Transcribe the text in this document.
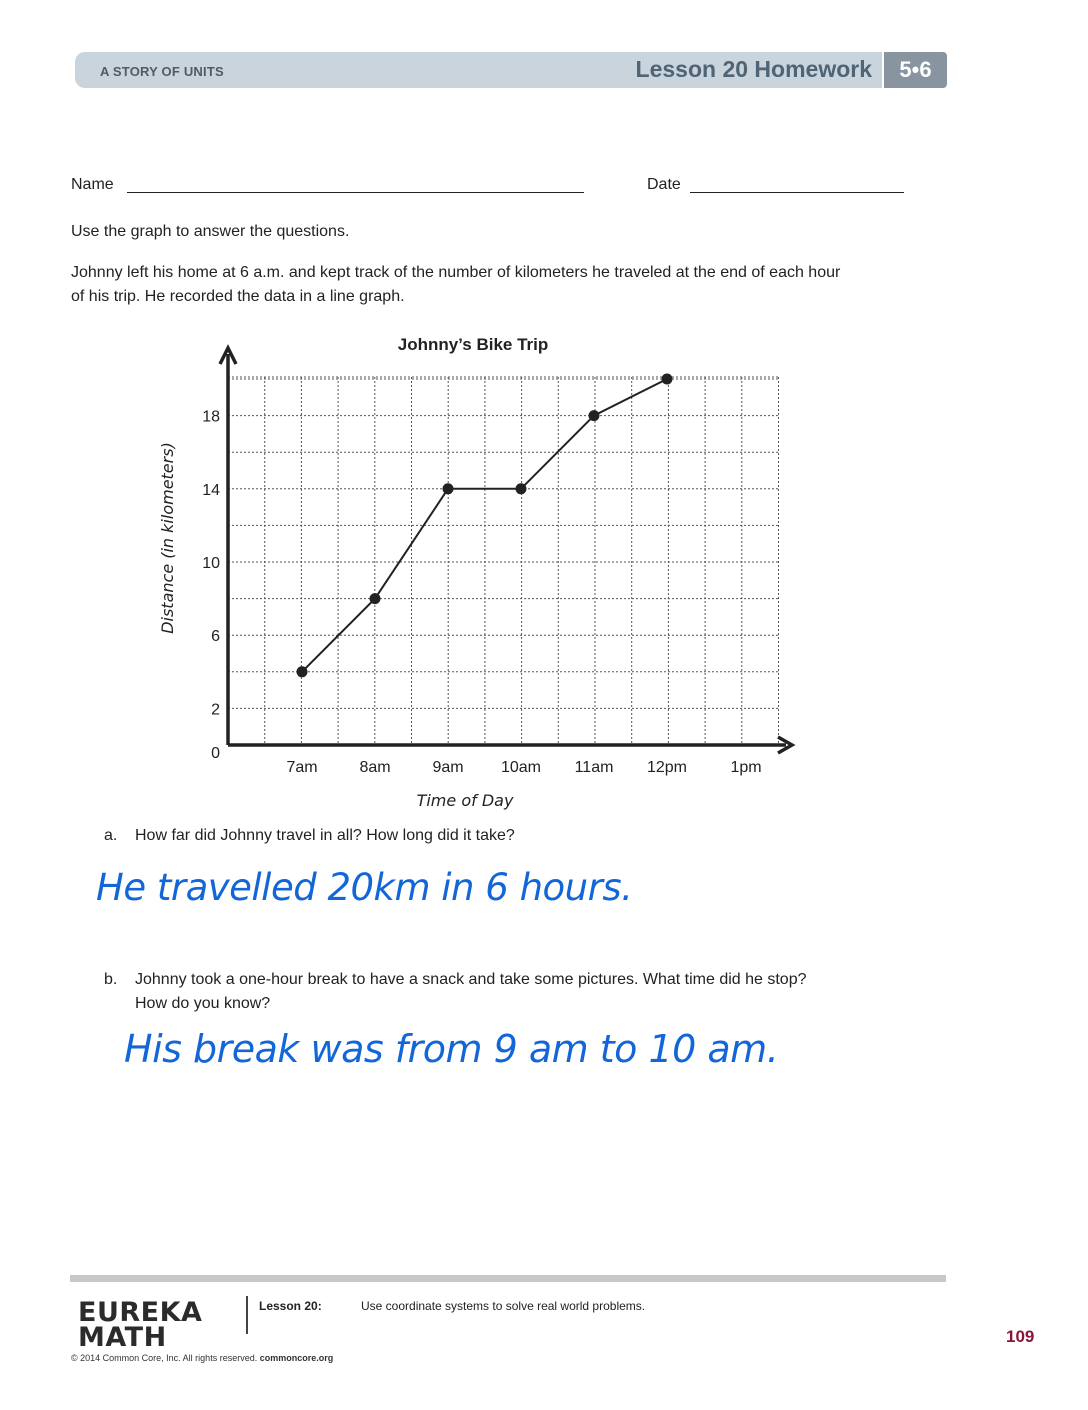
A STORY OF UNITS	Lesson 20 Homework	5•6
Name	Date
Use the graph to answer the questions.
Johnny left his home at 6 a.m. and kept track of the number of kilometers he traveled at the end of each hour
of his trip. He recorded the data in a line graph.
Johnny’s Bike Trip
0
2
6
10
14
18
7am	8am	9am 10am 11am 12pm	1pm
Distance (in kilometers)
Time of Day
a. How far did Johnny travel in all? How long did it take?
He travelled 20km in 6 hours.
b. Johnny took a one-hour break to have a snack and take some pictures. What time did he stop?
How do you know?
His break was from 9 am to 10 am.
EUREKA
MATH
Lesson 20:	Use coordinate systems to solve real world problems.
© 2014 Common Core, Inc. All rights reserved. commoncore.org
109
